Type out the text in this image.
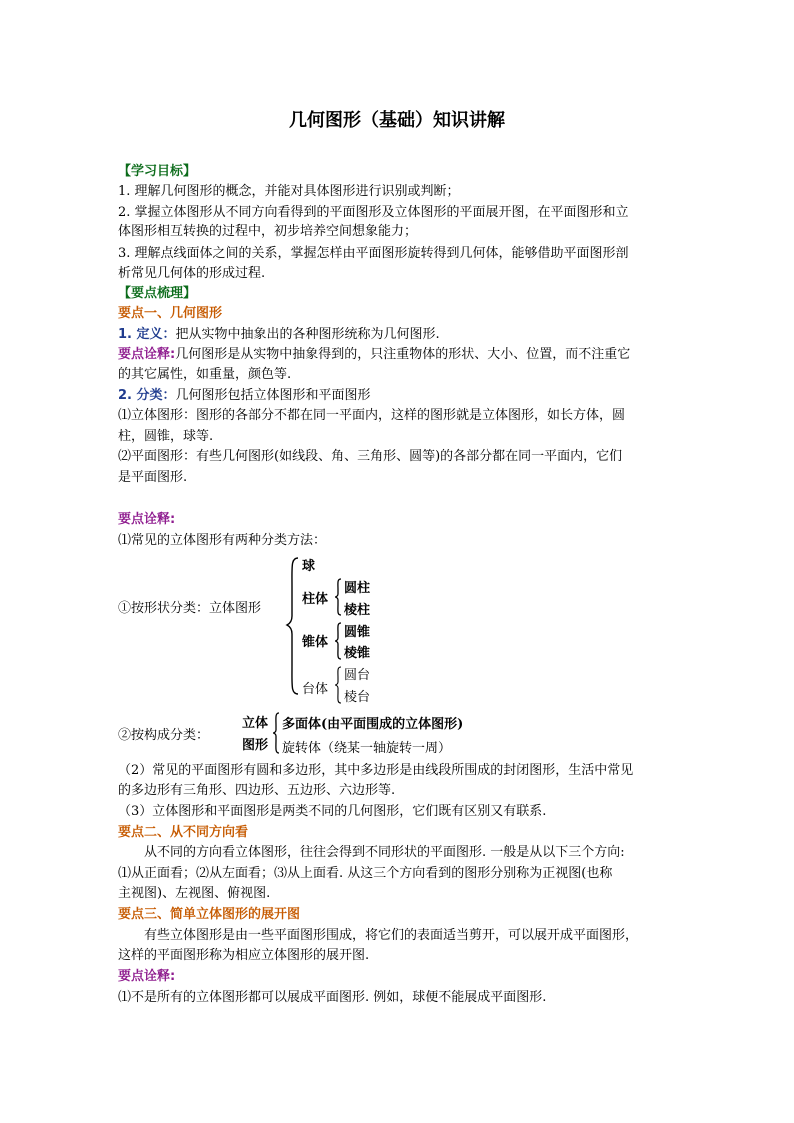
几何图形（基础）知识讲解
【学习目标】
1. 理解几何图形的概念，并能对具体图形进行识别或判断；
2. 掌握立体图形从不同方向看得到的平面图形及立体图形的平面展开图，在平面图形和立
体图形相互转换的过程中，初步培养空间想象能力；
3. 理解点线面体之间的关系，掌握怎样由平面图形旋转得到几何体，能够借助平面图形剖
析常见几何体的形成过程.
【要点梳理】
要点一、几何图形
1. 定义：把从实物中抽象出的各种图形统称为几何图形.
要点诠释:几何图形是从实物中抽象得到的，只注重物体的形状、大小、位置，而不注重它
的其它属性，如重量，颜色等.
2. 分类：几何图形包括立体图形和平面图形
⑴立体图形：图形的各部分不都在同一平面内，这样的图形就是立体图形，如长方体，圆
柱，圆锥，球等.
⑵平面图形：有些几何图形(如线段、角、三角形、圆等)的各部分都在同一平面内，它们
是平面图形.
要点诠释:
⑴常见的立体图形有两种分类方法：
①按形状分类：立体图形
球
柱体
圆柱
棱柱
锥体
圆锥
棱锥
台体
圆台
棱台
②按构成分类：
立体
图形
多面体(由平面围成的立体图形)
旋转体（绕某一轴旋转一周）
（2）常见的平面图形有圆和多边形，其中多边形是由线段所围成的封闭图形，生活中常见
的多边形有三角形、四边形、五边形、六边形等.
（3）立体图形和平面图形是两类不同的几何图形，它们既有区别又有联系.
要点二、从不同方向看
从不同的方向看立体图形，往往会得到不同形状的平面图形. 一般是从以下三个方向:
⑴从正面看；⑵从左面看；⑶从上面看. 从这三个方向看到的图形分别称为正视图(也称
主视图)、左视图、俯视图.
要点三、简单立体图形的展开图
有些立体图形是由一些平面图形围成，将它们的表面适当剪开，可以展开成平面图形，
这样的平面图形称为相应立体图形的展开图.
要点诠释:
⑴不是所有的立体图形都可以展成平面图形. 例如，球便不能展成平面图形.
